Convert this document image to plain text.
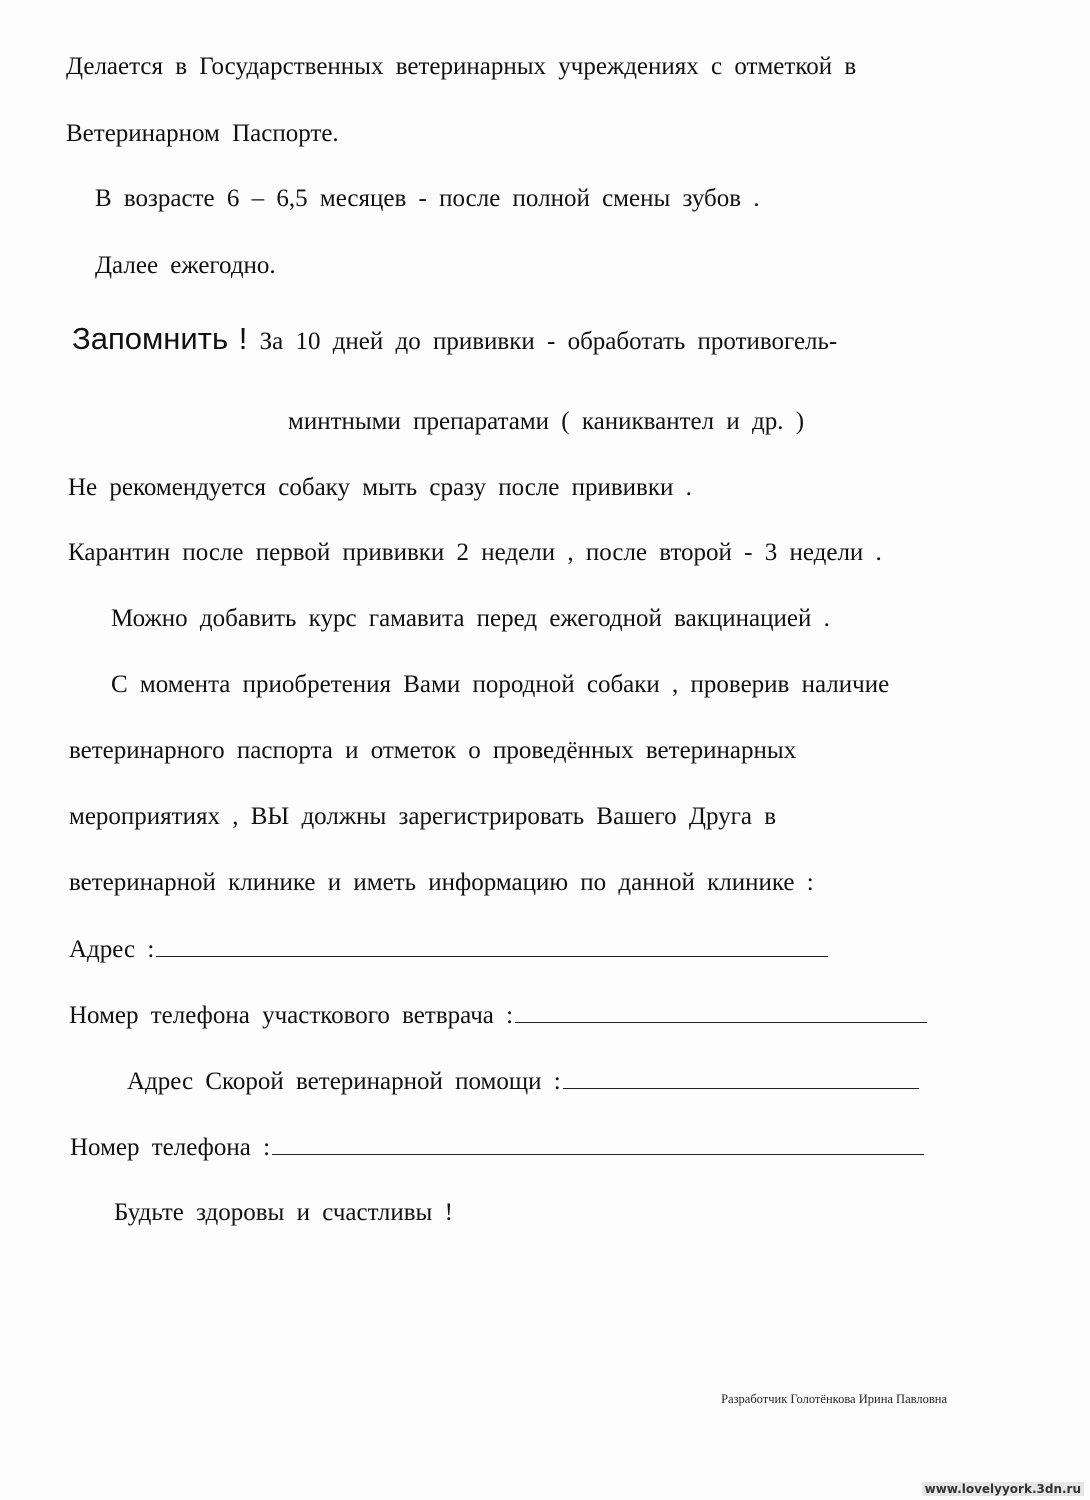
Делается в Государственных ветеринарных учреждениях с отметкой в
Ветеринарном Паспорте.
В возрасте 6 – 6,5 месяцев - после полной смены зубов .
Далее ежегодно.
Запомнить ! За 10 дней до прививки - обработать противогель-
минтными препаратами ( каниквантел и др. )
Не рекомендуется собаку мыть сразу после прививки .
Карантин после первой прививки 2 недели , после второй - 3 недели .
Можно добавить курс гамавита перед ежегодной вакцинацией .
С момента приобретения Вами породной собаки , проверив наличие
ветеринарного паспорта и отметок о проведённых ветеринарных
мероприятиях , ВЫ должны зарегистрировать Вашего Друга в
ветеринарной клинике и иметь информацию по данной клинике :
Адрес :
Номер телефона участкового ветврача :
Адрес Скорой ветеринарной помощи :
Номер телефона :
Будьте здоровы и счастливы !
Разработчик Голотёнкова Ирина Павловна
www.lovelyyork.3dn.ru
